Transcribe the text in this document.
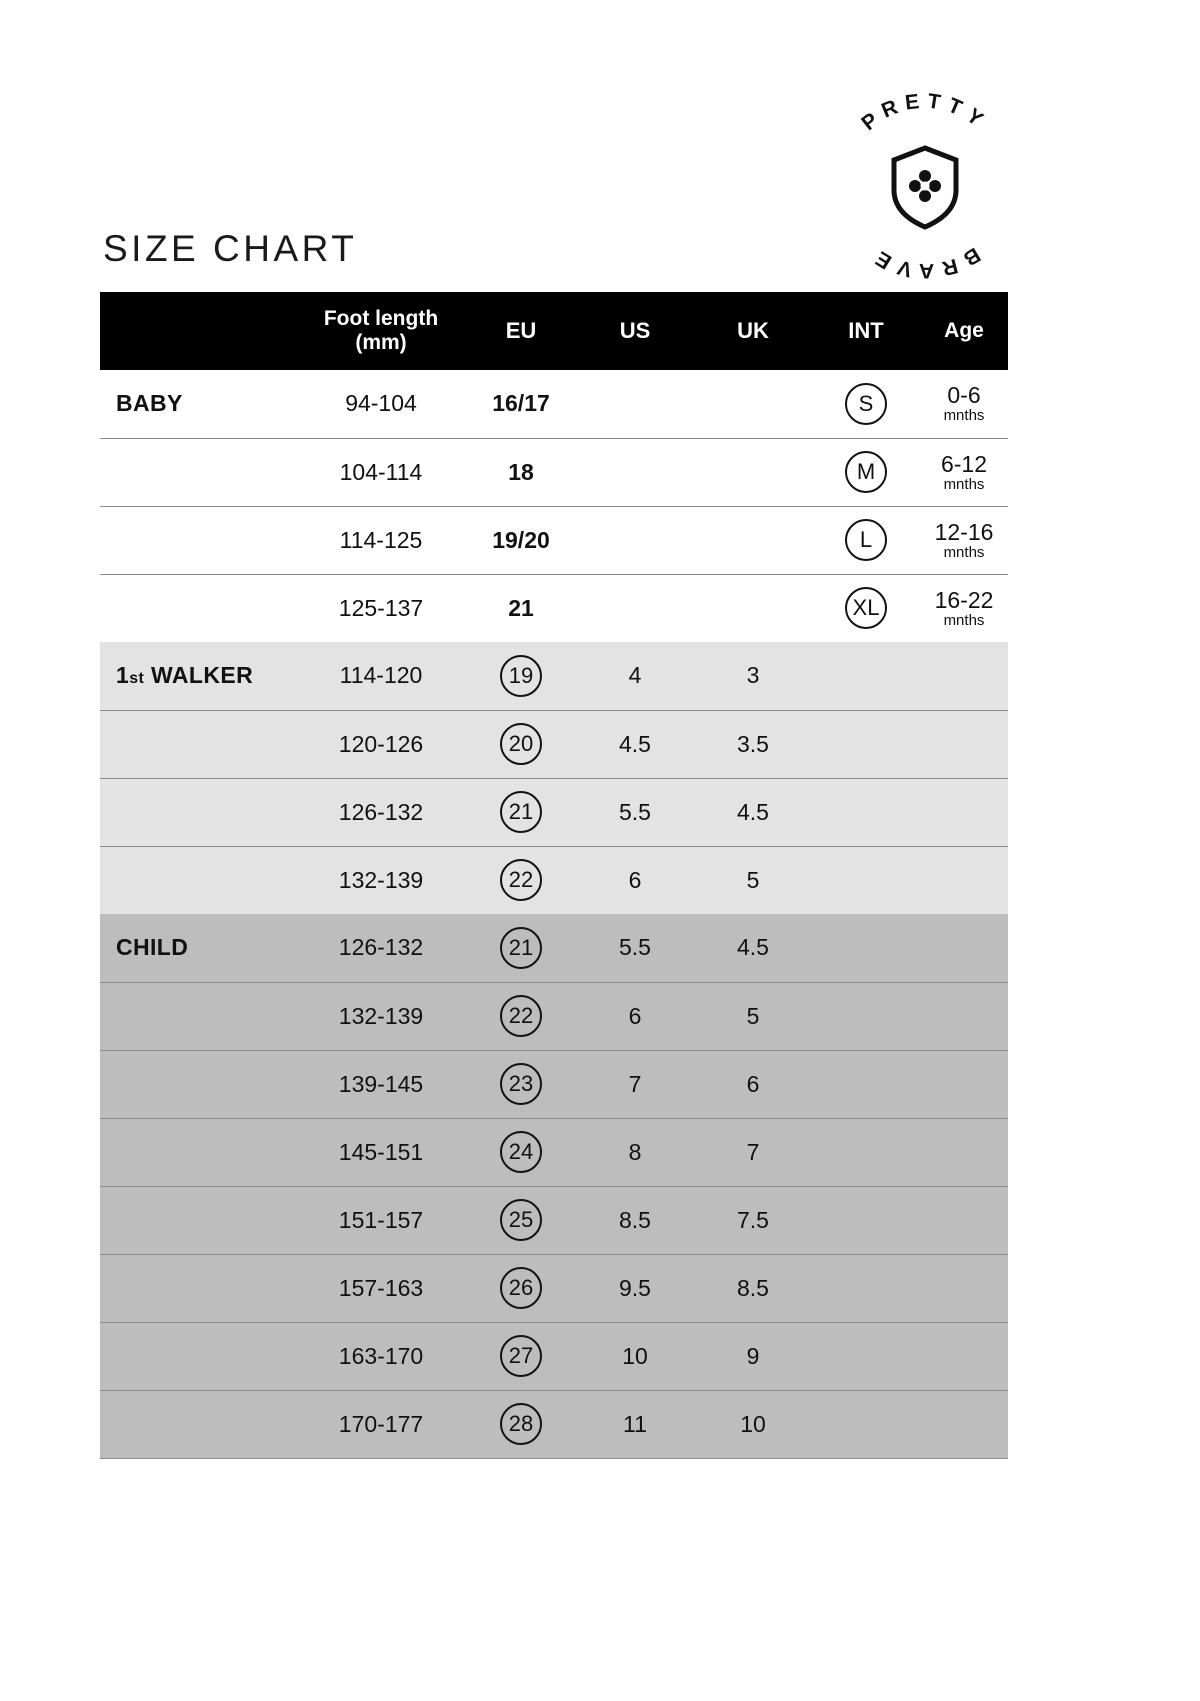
PRETTY
BRAVE
SIZE CHART

	Foot length
(mm)	EU	US	UK	INT	Age
BABY	94-104	16/17			S	0-6
mnths

	104-114	18			M	6-12
mnths

	114-125	19/20			L	12-16
mnths

	125-137	21			XL	16-22
mnths

1st WALKER	114-120	19	4	3		
	120-126	20	4.5	3.5		
	126-132	21	5.5	4.5		
	132-139	22	6	5		
CHILD	126-132	21	5.5	4.5		
	132-139	22	6	5		
	139-145	23	7	6		
	145-151	24	8	7		
	151-157	25	8.5	7.5		
	157-163	26	9.5	8.5		
	163-170	27	10	9		
	170-177	28	11	10		
